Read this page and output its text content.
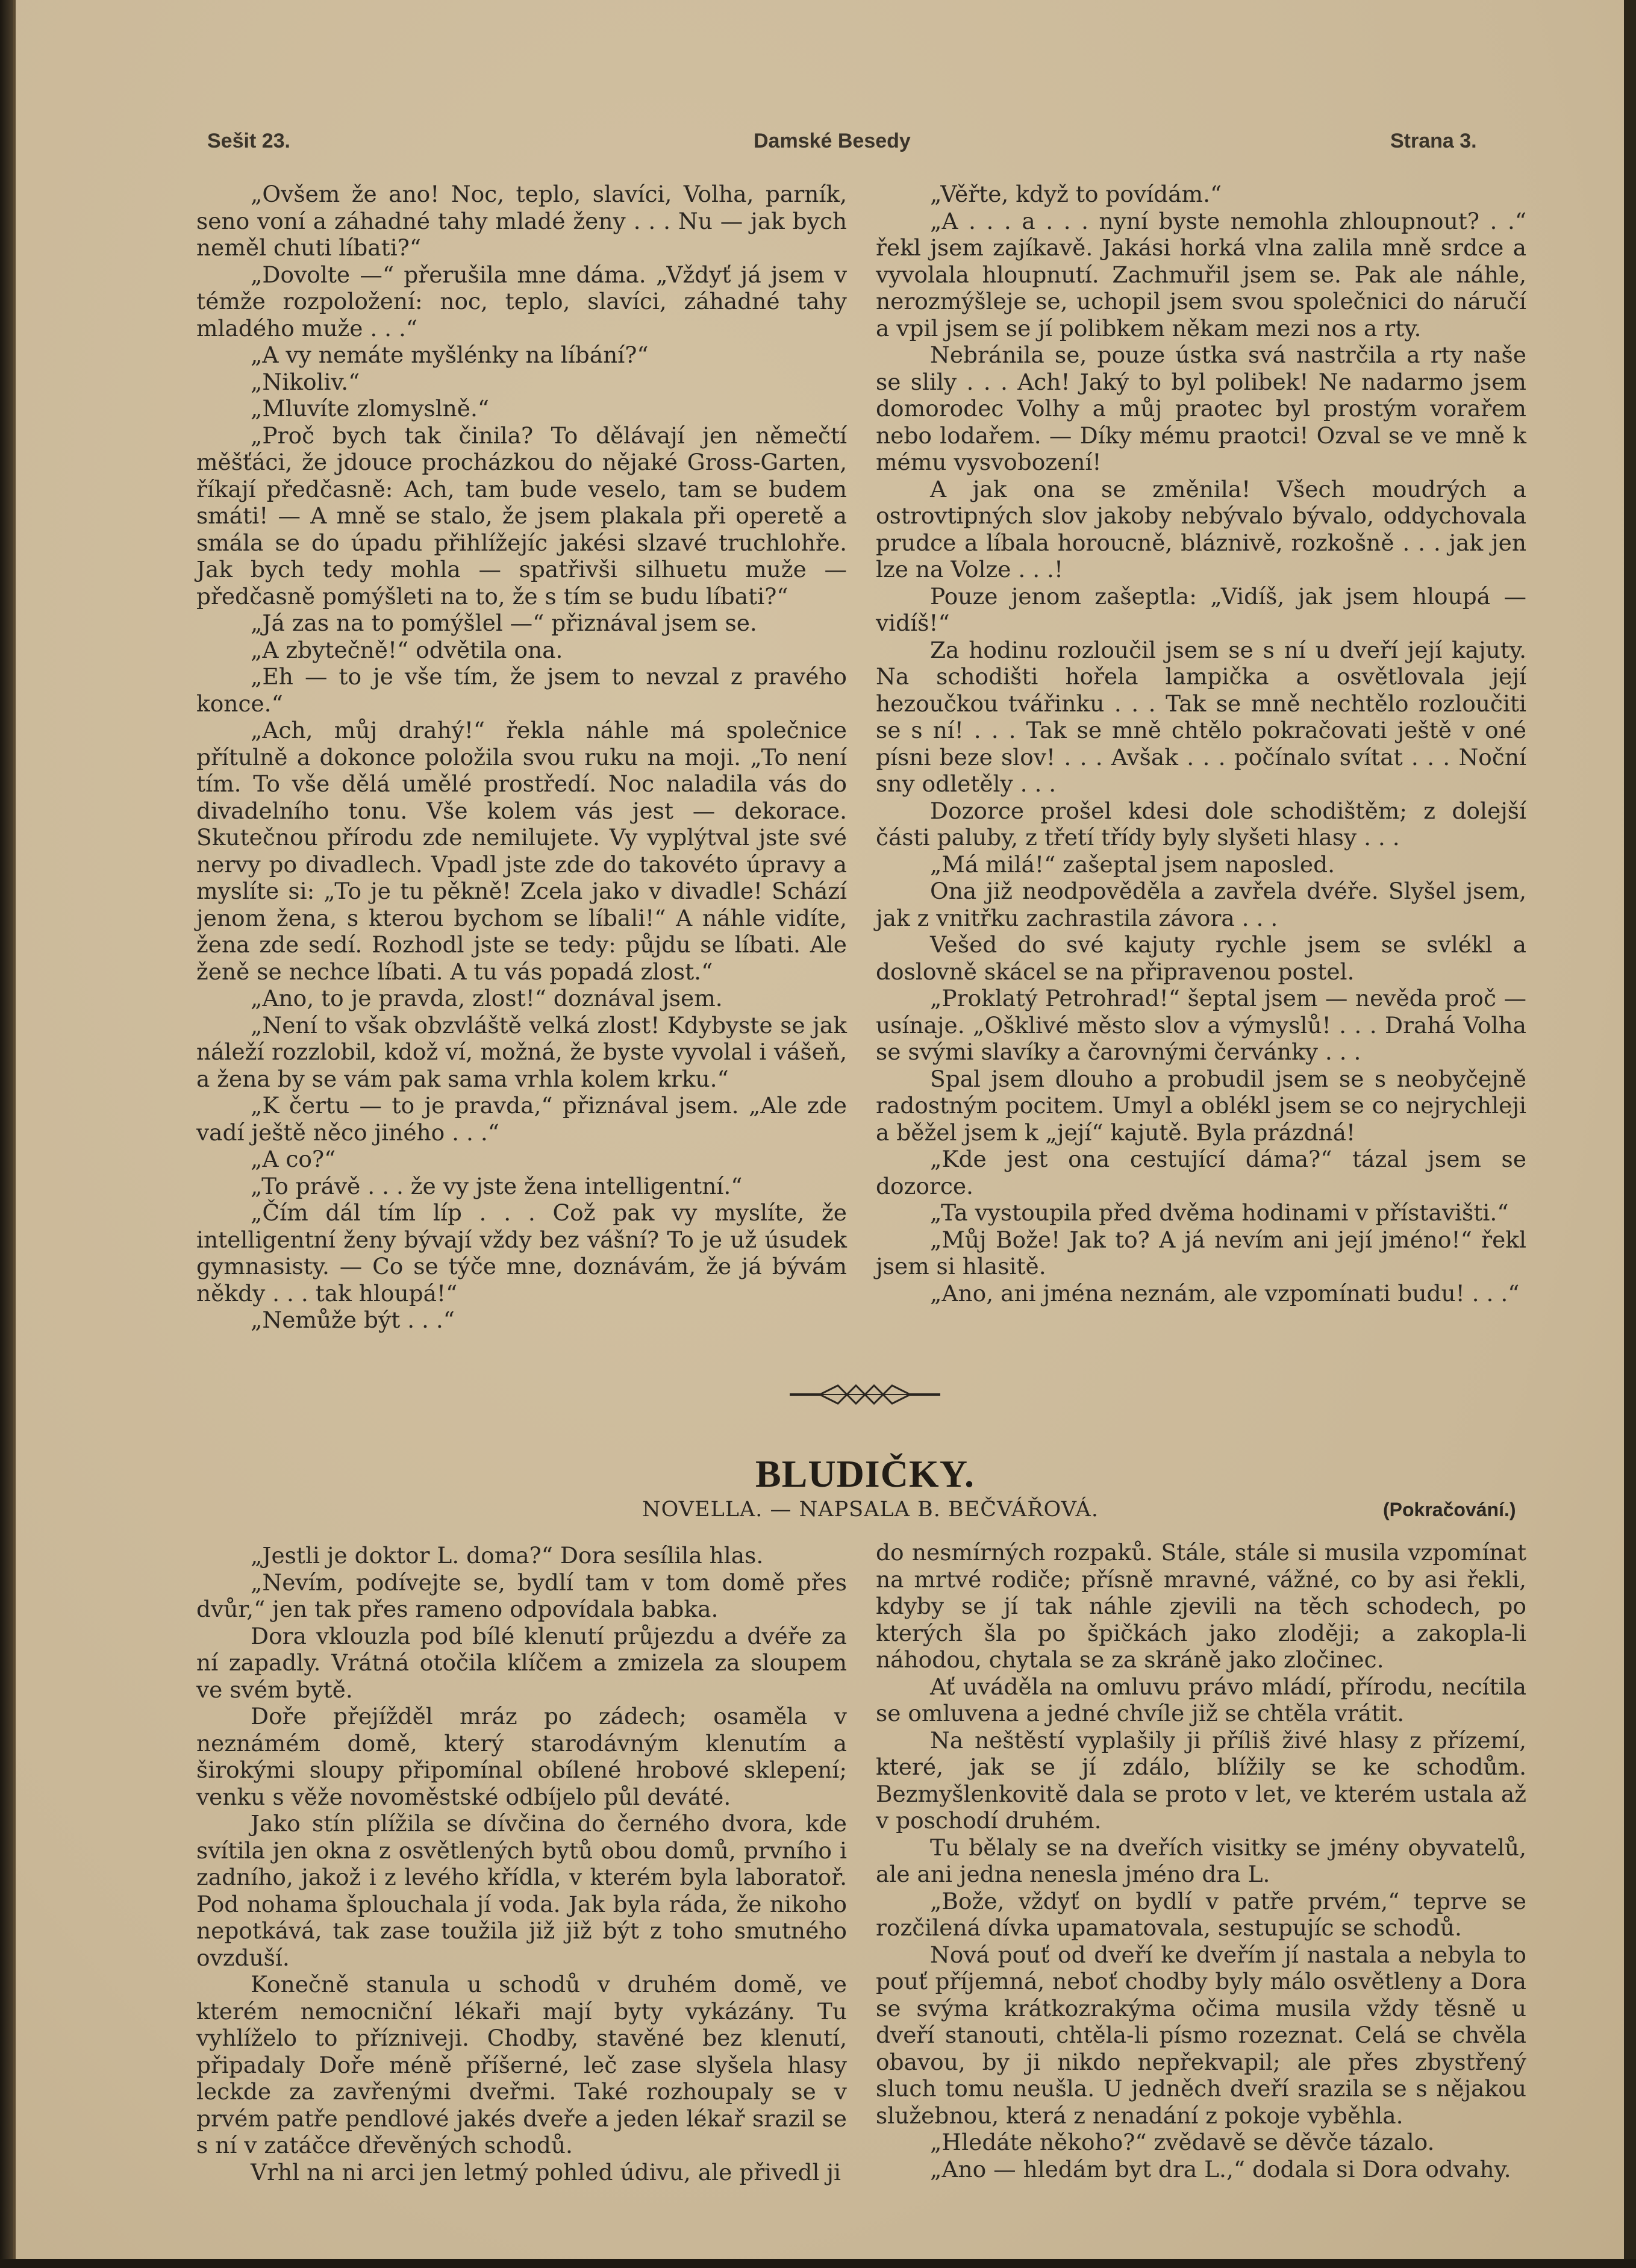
Sešit 23.	Damské Besedy	Strana 3.

„Ovšem že ano! Noc, teplo, slavíci, Volha, parník, seno voní a záhadné tahy mladé ženy . . . Nu — jak bych neměl chuti líbati?“

„Dovolte —“ přerušila mne dáma. „Vždyť já jsem v témže rozpoložení: noc, teplo, slavíci, záhadné tahy mladého muže . . .“

„A vy nemáte myšlénky na líbání?“

„Nikoliv.“

„Mluvíte zlomyslně.“

„Proč bych tak činila? To dělávají jen němečtí měšťáci, že jdouce procházkou do nějaké Gross-Garten, říkají předčasně: Ach, tam bude veselo, tam se budem smáti! — A mně se stalo, že jsem plakala při operetě a smála se do úpadu přihlížejíc jakési slzavé truchlohře. Jak bych tedy mohla — spatřivši silhuetu muže — předčasně pomýšleti na to, že s tím se budu líbati?“

„Já zas na to pomýšlel —“ přiznával jsem se.

„A zbytečně!“ odvětila ona.

„Eh — to je vše tím, že jsem to nevzal z pravého konce.“

„Ach, můj drahý!“ řekla náhle má společnice přítulně a dokonce položila svou ruku na moji. „To není tím. To vše dělá umělé prostředí. Noc naladila vás do divadelního tonu. Vše kolem vás jest — dekorace. Skutečnou přírodu zde nemilujete. Vy vyplýtval jste své nervy po divadlech. Vpadl jste zde do takovéto úpravy a myslíte si: „To je tu pěkně! Zcela jako v divadle! Schází jenom žena, s kterou bychom se líbali!“ A náhle vidíte, žena zde sedí. Rozhodl jste se tedy: půjdu se líbati. Ale ženě se nechce líbati. A tu vás popadá zlost.“

„Ano, to je pravda, zlost!“ doznával jsem.

„Není to však obzvláště velká zlost! Kdybyste se jak náleží rozzlobil, kdož ví, možná, že byste vyvolal i vášeň, a žena by se vám pak sama vrhla kolem krku.“

„K čertu — to je pravda,“ přiznával jsem. „Ale zde vadí ještě něco jiného . . .“

„A co?“

„To právě . . . že vy jste žena intelligentní.“

„Čím dál tím líp . . . Což pak vy myslíte, že intelligentní ženy bývají vždy bez vášní? To je už úsudek gymnasisty. — Co se týče mne, doznávám, že já bývám někdy . . . tak hloupá!“

„Nemůže být . . .“

„Věřte, když to povídám.“

„A . . . a . . . nyní byste nemohla zhloupnout? . .“ řekl jsem zajíkavě. Jakási horká vlna zalila mně srdce a vyvolala hloupnutí. Zachmuřil jsem se. Pak ale náhle, nerozmýšleje se, uchopil jsem svou společnici do náručí a vpil jsem se jí polibkem někam mezi nos a rty.

Nebránila se, pouze ústka svá nastrčila a rty naše se slily . . . Ach! Jaký to byl polibek! Ne nadarmo jsem domorodec Volhy a můj praotec byl prostým vorařem nebo lodařem. — Díky mému praotci! Ozval se ve mně k mému vysvobození!

A jak ona se změnila! Všech moudrých a ostrovtipných slov jakoby nebývalo bývalo, oddychovala prudce a líbala horoucně, bláznivě, rozkošně . . . jak jen lze na Volze . . .!

Pouze jenom zašeptla: „Vidíš, jak jsem hloupá — vidíš!“

Za hodinu rozloučil jsem se s ní u dveří její kajuty. Na schodišti hořela lampička a osvětlovala její hezoučkou tvářinku . . . Tak se mně nechtělo rozloučiti se s ní! . . . Tak se mně chtělo pokračovati ještě v oné písni beze slov! . . . Avšak . . . počínalo svítat . . . Noční sny odletěly . . .

Dozorce prošel kdesi dole schodištěm; z dolejší části paluby, z třetí třídy byly slyšeti hlasy . . .

„Má milá!“ zašeptal jsem naposled.

Ona již neodpověděla a zavřela dvéře. Slyšel jsem, jak z vnitřku zachrastila závora . . .

Vešed do své kajuty rychle jsem se svlékl a doslovně skácel se na připravenou postel.

„Proklatý Petrohrad!“ šeptal jsem — nevěda proč — usínaje. „Ošklivé město slov a výmyslů! . . . Drahá Volha se svými slavíky a čarovnými červánky . . .

Spal jsem dlouho a probudil jsem se s neobyčejně radostným pocitem. Umyl a oblékl jsem se co nejrychleji a běžel jsem k „její“ kajutě. Byla prázdná!

„Kde jest ona cestující dáma?“ tázal jsem se dozorce.

„Ta vystoupila před dvěma hodinami v přístavišti.“

„Můj Bože! Jak to? A já nevím ani její jméno!“ řekl jsem si hlasitě.

„Ano, ani jména neznám, ale vzpomínati budu! . . .“

BLUDIČKY.
NOVELLA. — NAPSALA B. BEČVÁŘOVÁ.	(Pokračování.)

„Jestli je doktor L. doma?“ Dora sesílila hlas.

„Nevím, podívejte se, bydlí tam v tom domě přes dvůr,“ jen tak přes rameno odpovídala babka.

Dora vklouzla pod bílé klenutí průjezdu a dvéře za ní zapadly. Vrátná otočila klíčem a zmizela za sloupem ve svém bytě.

Doře přejížděl mráz po zádech; osaměla v neznámém domě, který starodávným klenutím a širokými sloupy připomínal obílené hrobové sklepení; venku s věže novoměstské odbíjelo půl deváté.

Jako stín plížila se dívčina do černého dvora, kde svítila jen okna z osvětlených bytů obou domů, prvního i zadního, jakož i z levého křídla, v kterém byla laboratoř. Pod nohama šplouchala jí voda. Jak byla ráda, že nikoho nepotkává, tak zase toužila již již být z toho smutného ovzduší.

Konečně stanula u schodů v druhém domě, ve kterém nemocniční lékaři mají byty vykázány. Tu vyhlíželo to přízniveji. Chodby, stavěné bez klenutí, připadaly Doře méně příšerné, leč zase slyšela hlasy leckde za zavřenými dveřmi. Také rozhoupaly se v prvém patře pendlové jakés dveře a jeden lékař srazil se s ní v zatáčce dřevěných schodů.

Vrhl na ni arci jen letmý pohled údivu, ale přivedl ji

do nesmírných rozpaků. Stále, stále si musila vzpomínat na mrtvé rodiče; přísně mravné, vážné, co by asi řekli, kdyby se jí tak náhle zjevili na těch schodech, po kterých šla po špičkách jako zloději; a zakopla-li náhodou, chytala se za skráně jako zločinec.

Ať uváděla na omluvu právo mládí, přírodu, necítila se omluvena a jedné chvíle již se chtěla vrátit.

Na neštěstí vyplašily ji příliš živé hlasy z přízemí, které, jak se jí zdálo, blížily se ke schodům. Bezmyšlenkovitě dala se proto v let, ve kterém ustala až v poschodí druhém.

Tu bělaly se na dveřích visitky se jmény obyvatelů, ale ani jedna nenesla jméno dra L.

„Bože, vždyť on bydlí v patře prvém,“ teprve se rozčilená dívka upamatovala, sestupujíc se schodů.

Nová pouť od dveří ke dveřím jí nastala a nebyla to pouť příjemná, neboť chodby byly málo osvětleny a Dora se svýma krátkozrakýma očima musila vždy těsně u dveří stanouti, chtěla-li písmo rozeznat. Celá se chvěla obavou, by ji nikdo nepřekvapil; ale přes zbystřený sluch tomu neušla. U jedněch dveří srazila se s nějakou služebnou, která z nenadání z pokoje vyběhla.

„Hledáte někoho?“ zvědavě se děvče tázalo.

„Ano — hledám byt dra L.,“ dodala si Dora odvahy.
